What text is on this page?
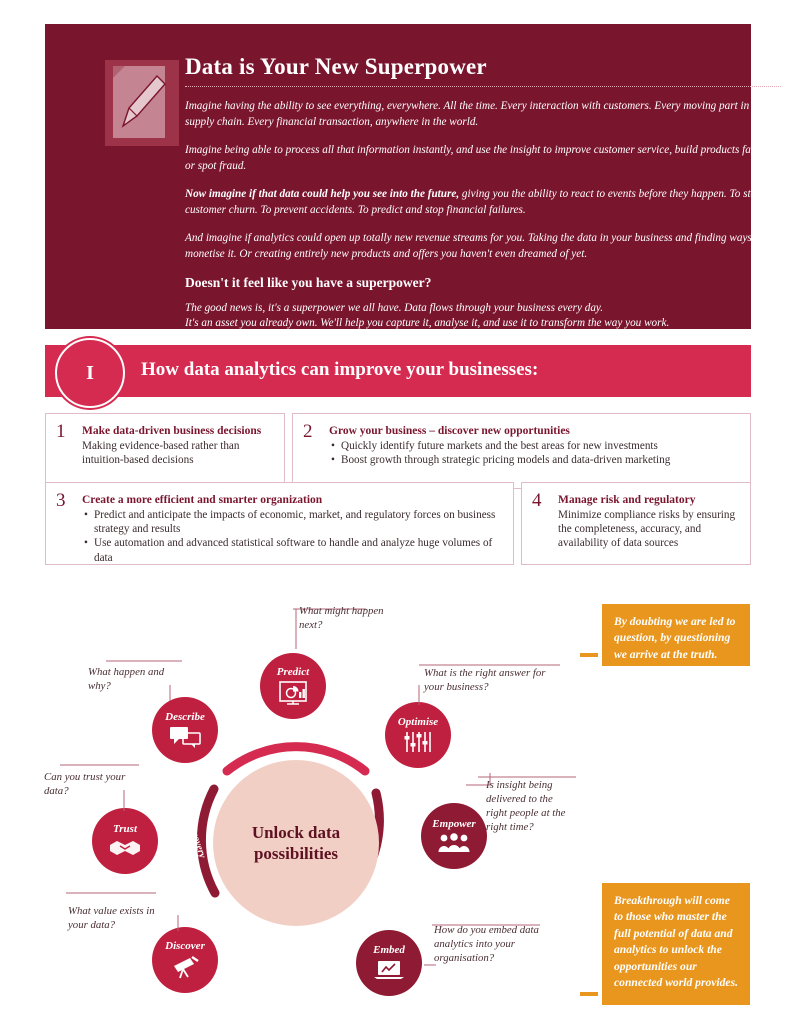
Data is Your New Superpower

Imagine having the ability to see everything, everywhere. All the time. Every interaction with customers. Every moving part in your supply chain. Every financial transaction, anywhere in the world.

Imagine being able to process all that information instantly, and use the insight to improve customer service, build products faster, or spot fraud.

Now imagine if that data could help you see into the future, giving you the ability to react to events before they happen. To stop customer churn. To prevent accidents. To predict and stop financial failures.

And imagine if analytics could open up totally new revenue streams for you. Taking the data in your business and finding ways to monetise it. Or creating entirely new products and offers you haven't even dreamed of yet.

Doesn't it feel like you have a superpower?

The good news is, it's a superpower we all have. Data flows through your business every day.

It's an asset you already own. We'll help you capture it, analyse it, and use it to transform the way you work.

How data analytics can improve your businesses:
I
1 Make data-driven business decisions

Making evidence-based rather than intuition-based decisions

2 Grow your business – discover new opportunities
• Quickly identify future markets and the best areas for new investments
• Boost growth through strategic pricing models and data-driven marketing
3 Create a more efficient and smarter organization
• Predict and anticipate the impacts of economic, market, and regulatory forces on business strategy and results
• Use automation and advanced statistical software to handle and analyze huge volumes of data
4 Manage risk and regulatory

Minimize compliance risks by ensuring the completeness, accuracy, and availability of data sources

Insights
Discovery	Unlock data possibilities
Predict
Describe	Optimise
Trust	Empower
Discover	Embed
What might happen next?
What happen and why?
What is the right answer for your business?
Can you trust your data?
Is insight being delivered to the right people at the right time?
What value exists in your data?	How do you embed data analytics into your organisation?
By doubting we are led to question, by questioning we arrive at the truth.
Breakthrough will come to those who master the full potential of data and analytics to unlock the opportunities our connected world provides.
